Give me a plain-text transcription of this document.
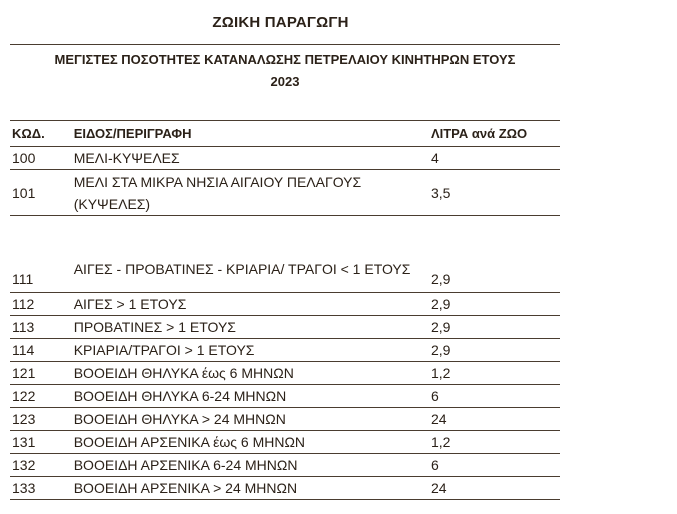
ΖΩΙΚΗ ΠΑΡΑΓΩΓΗ
ΜΕΓΙΣΤΕΣ ΠΟΣΟΤΗΤΕΣ ΚΑΤΑΝΑΛΩΣΗΣ ΠΕΤΡΕΛΑΙΟΥ ΚΙΝΗΤΗΡΩΝ ΕΤΟΥΣ
2023
ΚΩΔ.	ΕΙΔΟΣ/ΠΕΡΙΓΡΑΦΗ	ΛΙΤΡΑ ανά ΖΩΟ
100	ΜΕΛΙ-ΚΥΨΕΛΕΣ	4
101	ΜΕΛΙ ΣΤΑ ΜΙΚΡΑ ΝΗΣΙΑ ΑΙΓΑΙΟΥ ΠΕΛΑΓΟΥΣ (ΚΥΨΕΛΕΣ)	3,5

111	ΑΙΓΕΣ - ΠΡΟΒΑΤΙΝΕΣ - ΚΡΙΑΡΙΑ/ ΤΡΑΓΟΙ < 1 ΕΤΟΥΣ	2,9
112	ΑΙΓΕΣ > 1 ΕΤΟΥΣ	2,9
113	ΠΡΟΒΑΤΙΝΕΣ > 1 ΕΤΟΥΣ	2,9
114	ΚΡΙΑΡΙΑ/ΤΡΑΓΟΙ > 1 ΕΤΟΥΣ	2,9
121	ΒΟΟΕΙΔΗ ΘΗΛΥΚΑ έως 6 ΜΗΝΩΝ	1,2
122	ΒΟΟΕΙΔΗ ΘΗΛΥΚΑ 6-24 ΜΗΝΩΝ	6
123	ΒΟΟΕΙΔΗ ΘΗΛΥΚΑ > 24 ΜΗΝΩΝ	24
131	ΒΟΟΕΙΔΗ ΑΡΣΕΝΙΚΑ έως 6 ΜΗΝΩΝ	1,2
132	ΒΟΟΕΙΔΗ ΑΡΣΕΝΙΚΑ 6-24 ΜΗΝΩΝ	6
133	ΒΟΟΕΙΔΗ ΑΡΣΕΝΙΚΑ > 24 ΜΗΝΩΝ	24
